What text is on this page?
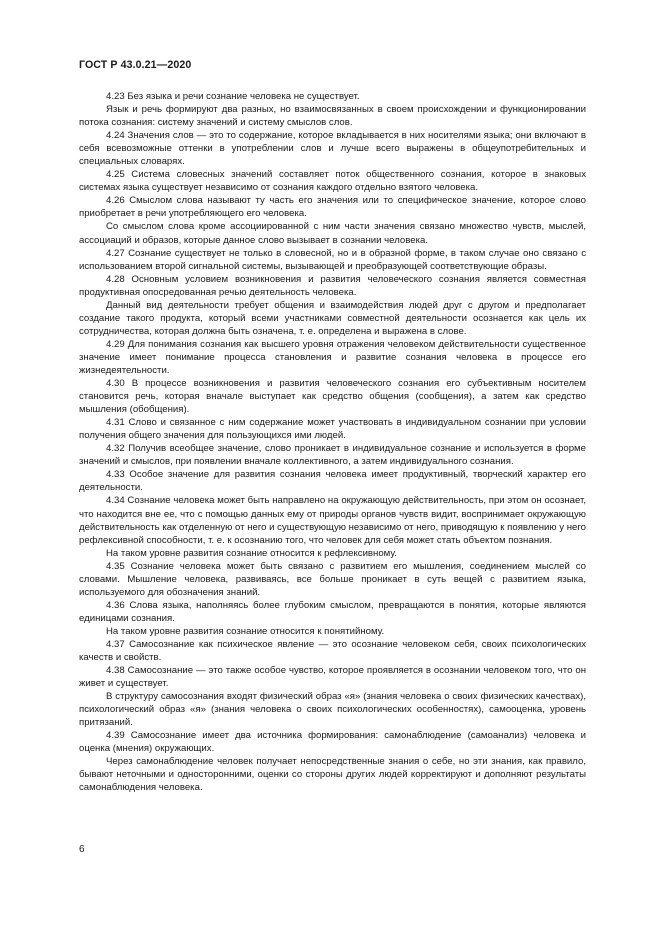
ГОСТ Р 43.0.21—2020

4.23 Без языка и речи сознание человека не существует.

Язык и речь формируют два разных, но взаимосвязанных в своем происхождении и функционировании потока сознания: систему значений и систему смыслов слов.

4.24 Значения слов — это то содержание, которое вкладывается в них носителями языка; они включают в себя всевозможные оттенки в употреблении слов и лучше всего выражены в общеупотребительных и специальных словарях.

4.25 Система словесных значений составляет поток общественного сознания, которое в знаковых системах языка существует независимо от сознания каждого отдельно взятого человека.

4.26 Смыслом слова называют ту часть его значения или то специфическое значение, которое слово приобретает в речи употребляющего его человека.

Со смыслом слова кроме ассоциированной с ним части значения связано множество чувств, мыслей, ассоциаций и образов, которые данное слово вызывает в сознании человека.

4.27 Сознание существует не только в словесной, но и в образной форме, в таком случае оно связано с использованием второй сигнальной системы, вызывающей и преобразующей соответствующие образы.

4.28 Основным условием возникновения и развития человеческого сознания является совместная продуктивная опосредованная речью деятельность человека.

Данный вид деятельности требует общения и взаимодействия людей друг с другом и предполагает создание такого продукта, который всеми участниками совместной деятельности осознается как цель их сотрудничества, которая должна быть означена, т. е. определена и выражена в слове.

4.29 Для понимания сознания как высшего уровня отражения человеком действительности существенное значение имеет понимание процесса становления и развитие сознания человека в процессе его жизнедеятельности.

4.30 В процессе возникновения и развития человеческого сознания его субъективным носителем становится речь, которая вначале выступает как средство общения (сообщения), а затем как средство мышления (обобщения).

4.31 Слово и связанное с ним содержание может участвовать в индивидуальном сознании при условии получения общего значения для пользующихся ими людей.

4.32 Получив всеобщее значение, слово проникает в индивидуальное сознание и используется в форме значений и смыслов, при появлении вначале коллективного, а затем индивидуального сознания.

4.33 Особое значение для развития сознания человека имеет продуктивный, творческий характер его деятельности.

4.34 Сознание человека может быть направлено на окружающую действительность, при этом он осознает, что находится вне ее, что с помощью данных ему от природы органов чувств видит, воспринимает окружающую действительность как отделенную от него и существующую независимо от него, приводящую к появлению у него рефлексивной способности, т. е. к осознанию того, что человек для себя может стать объектом познания.

На таком уровне развития сознание относится к рефлексивному.

4.35 Сознание человека может быть связано с развитием его мышления, соединением мыслей со словами. Мышление человека, развиваясь, все больше проникает в суть вещей с развитием языка, используемого для обозначения знаний.

4.36 Слова языка, наполняясь более глубоким смыслом, превращаются в понятия, которые являются единицами сознания.

На таком уровне развития сознание относится к понятийному.

4.37 Самосознание как психическое явление — это осознание человеком себя, своих психологических качеств и свойств.

4.38 Самосознание — это также особое чувство, которое проявляется в осознании человеком того, что он живет и существует.

В структуру самосознания входят физический образ «я» (знания человека о своих физических качествах), психологический образ «я» (знания человека о своих психологических особенностях), самооценка, уровень притязаний.

4.39 Самосознание имеет два источника формирования: самонаблюдение (самоанализ) человека и оценка (мнения) окружающих.

Через самонаблюдение человек получает непосредственные знания о себе, но эти знания, как правило, бывают неточными и односторонними, оценки со стороны других людей корректируют и дополняют результаты самонаблюдения человека.

6
